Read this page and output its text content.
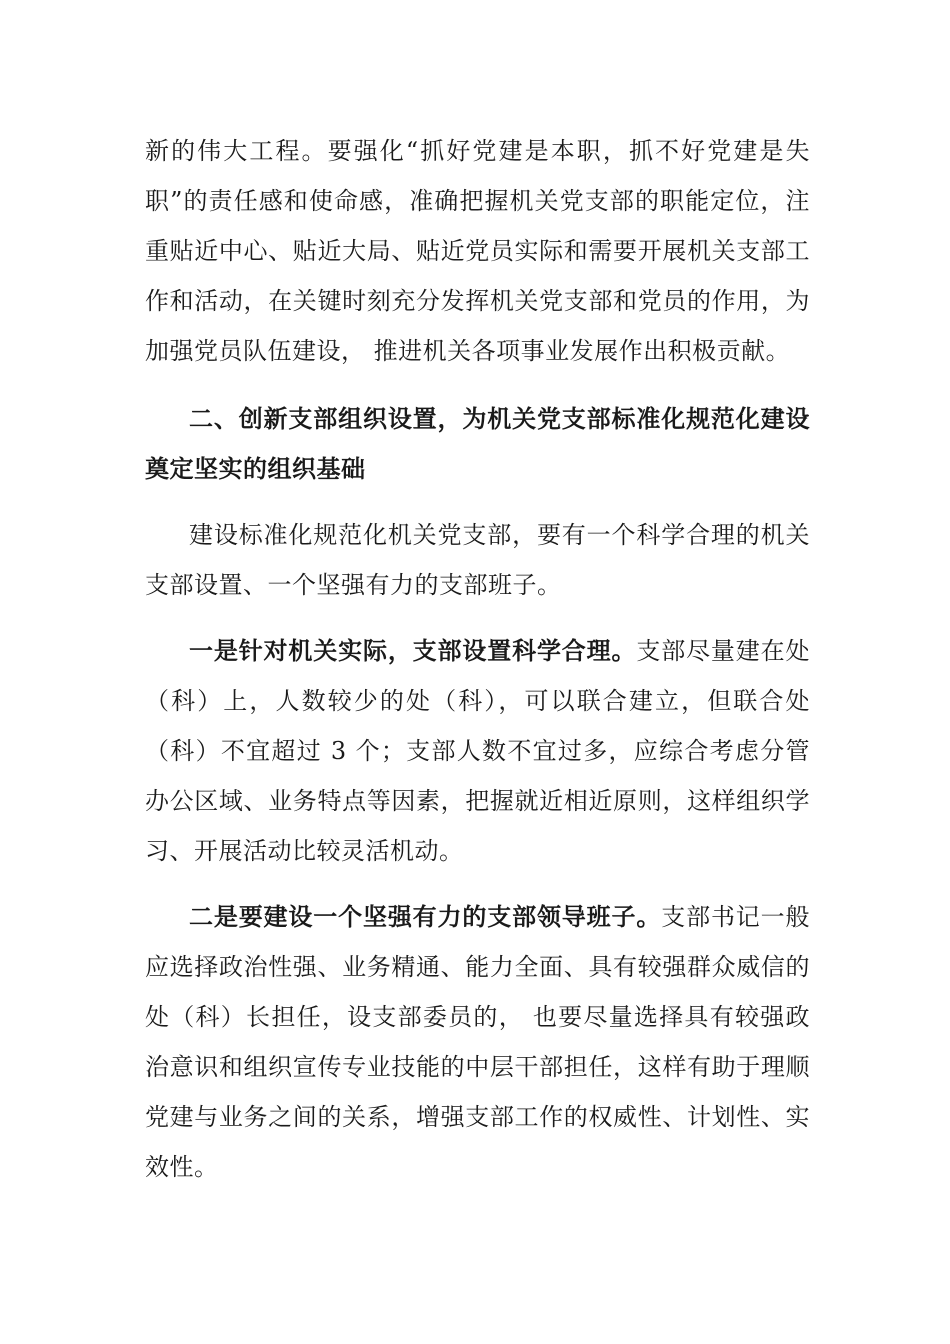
新的伟大工程。要强化“抓好党建是本职，抓不好党建是失职”的责任感和使命感，准确把握机关党支部的职能定位，注重贴近中心、贴近大局、贴近党员实际和需要开展机关支部工作和活动，在关键时刻充分发挥机关党支部和党员的作用，为加强党员队伍建设， 推进机关各项事业发展作出积极贡献。

二、创新支部组织设置，为机关党支部标准化规范化建设奠定坚实的组织基础

建设标准化规范化机关党支部，要有一个科学合理的机关支部设置、一个坚强有力的支部班子。

一是针对机关实际，支部设置科学合理。支部尽量建在处（科）上，人数较少的处（科），可以联合建立，但联合处（科）不宜超过 3 个；支部人数不宜过多，应综合考虑分管办公区域、业务特点等因素，把握就近相近原则，这样组织学习、开展活动比较灵活机动。

二是要建设一个坚强有力的支部领导班子。支部书记一般应选择政治性强、业务精通、能力全面、具有较强群众威信的处（科）长担任，设支部委员的， 也要尽量选择具有较强政治意识和组织宣传专业技能的中层干部担任，这样有助于理顺党建与业务之间的关系，增强支部工作的权威性、计划性、实效性。
